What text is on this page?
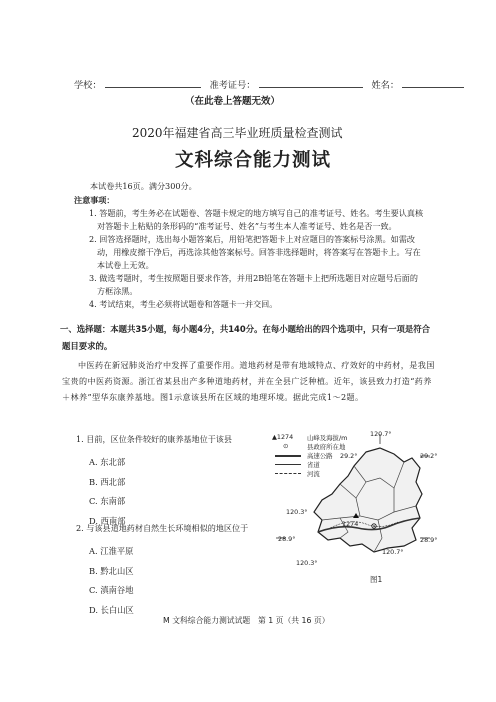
学校：	准考证号：	姓名：
（在此卷上答题无效）
2020年福建省高三毕业班质量检查测试
文科综合能力测试
本试卷共16页。满分300分。
注意事项：
1. 答题前，考生务必在试题卷、答题卡规定的地方填写自己的准考证号、姓名。考生要认真核对答题卡上粘贴的条形码的“准考证号、姓名”与考生本人准考证号、姓名是否一致。
2. 回答选择题时，选出每小题答案后，用铅笔把答题卡上对应题目的答案标号涂黑。如需改动，用橡皮擦干净后，再选涂其他答案标号。回答非选择题时，将答案写在答题卡上。写在本试卷上无效。
3. 做选考题时，考生按照题目要求作答，并用2B铅笔在答题卡上把所选题目对应题号后面的方框涂黑。
4. 考试结束，考生必须将试题卷和答题卡一并交回。
一、选择题：本题共35小题，每小题4分，共140分。在每小题给出的四个选项中，只有一项是符合题目要求的。
中医药在新冠肺炎治疗中发挥了重要作用。道地药材是带有地域特点、疗效好的中药材，是我国宝贵的中医药资源。浙江省某县出产多种道地药材，并在全县广泛种植。近年，该县致力打造“药养＋林养”型华东康养基地。图1示意该县所在区域的地理环境。据此完成1～2题。
1. 目前，区位条件较好的康养基地位于该县
A. 东北部
B. 西北部
C. 东南部
D. 西南部
2. 与该县道地药材自然生长环境相似的地区位于
A. 江淮平原
B. 黔北山区
C. 滇南谷地
D. 长白山区
▲1274 山峰及海拔/m
⊙	县政府所在地
高速公路
省道
河流
120.7°
29.2°
29.2°
120.3°
1274
28.9°	28.9°
120.7°
120.3°
图1
M 文科综合能力测试试题　第 1 页（共 16 页）
